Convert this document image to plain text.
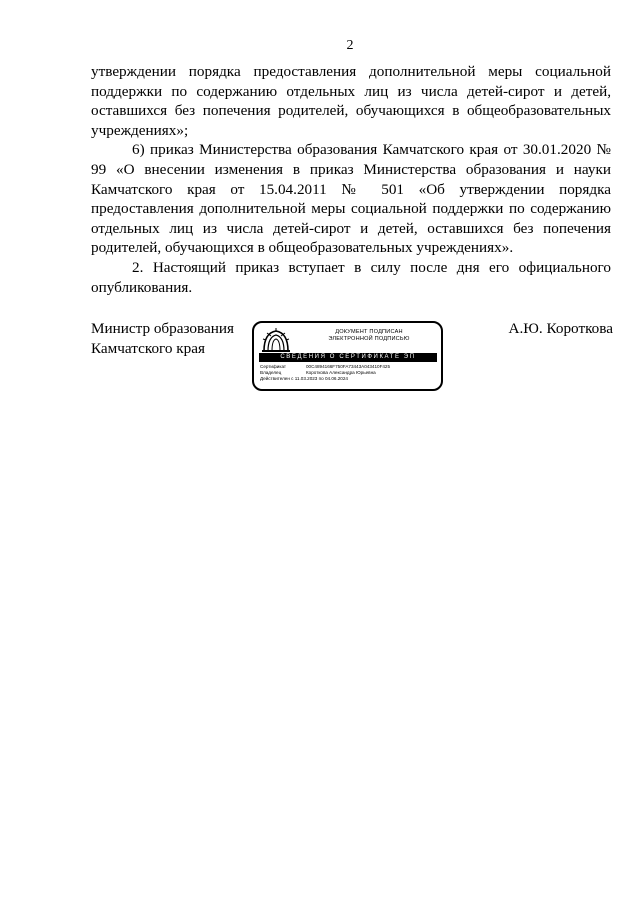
2

утверждении порядка предоставления дополнительной меры социальной поддержки по содержанию отдельных лиц из числа детей-сирот и детей, оставшихся без попечения родителей, обучающихся в общеобразовательных учреждениях»;

6) приказ Министерства образования Камчатского края от 30.01.2020 № 99 «О внесении изменения в приказ Министерства образования и науки Камчатского края от 15.04.2011 № 501 «Об утверждении порядка предоставления дополнительной меры социальной поддержки по содержанию отдельных лиц из числа детей-сирот и детей, оставшихся без попечения родителей, обучающихся в общеобразовательных учреждениях».

2. Настоящий приказ вступает в силу после дня его официального опубликования.

Министр образования
Камчатского края
ДОКУМЕНТ ПОДПИСАН
ЭЛЕКТРОННОЙ ПОДПИСЬЮ
СВЕДЕНИЯ О СЕРТИФИКАТЕ ЭП
Сертификат	00C4894166F750FA73443A043410F425
Владелец	Короткова Александра Юрьевна
Действителен с 11.03.2023 по 04.06.2024
А.Ю. Короткова
